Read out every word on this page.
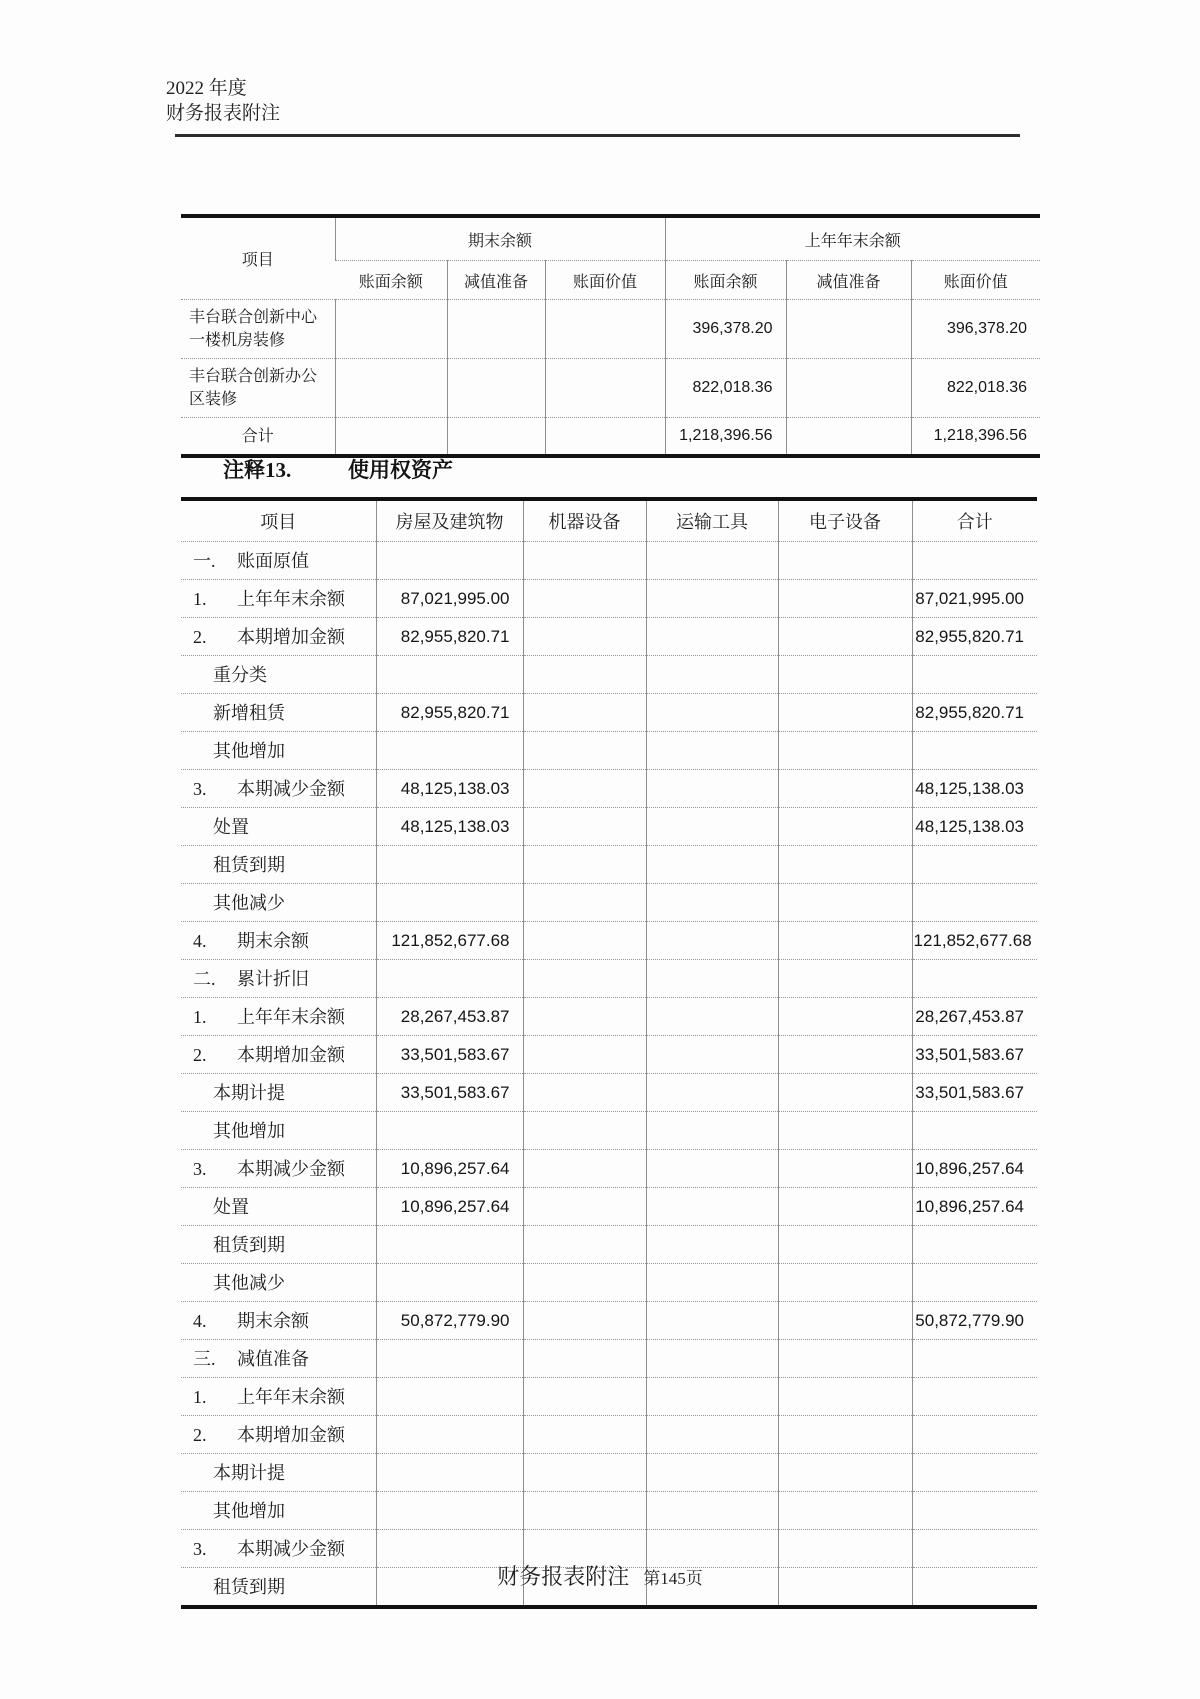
2022 年度
财务报表附注
项目	期末余额			上年年末余额		
	账面余额	减值准备	账面价值	账面余额	减值准备	账面价值
丰台联合创新中心一楼机房装修				396,378.20		396,378.20
丰台联合创新办公区装修				822,018.36		822,018.36
合计				1,218,396.56		1,218,396.56
注释13.	使用权资产
项目	房屋及建筑物	机器设备	运输工具	电子设备	合计
一. 账面原值					
1. 上年年末余额	87,021,995.00				87,021,995.00
2. 本期增加金额	82,955,820.71				82,955,820.71
重分类					
新增租赁	82,955,820.71				82,955,820.71
其他增加					
3. 本期减少金额	48,125,138.03				48,125,138.03
处置	48,125,138.03				48,125,138.03
租赁到期					
其他减少					
4. 期末余额	121,852,677.68				121,852,677.68
二. 累计折旧					
1. 上年年末余额	28,267,453.87				28,267,453.87
2. 本期增加金额	33,501,583.67				33,501,583.67
本期计提	33,501,583.67				33,501,583.67
其他增加					
3. 本期减少金额	10,896,257.64				10,896,257.64
处置	10,896,257.64				10,896,257.64
租赁到期					
其他减少					
4. 期末余额	50,872,779.90				50,872,779.90
三. 减值准备					
1. 上年年末余额					
2. 本期增加金额					
本期计提					
其他增加					
3. 本期减少金额					
租赁到期						财务报表附注 第145页
